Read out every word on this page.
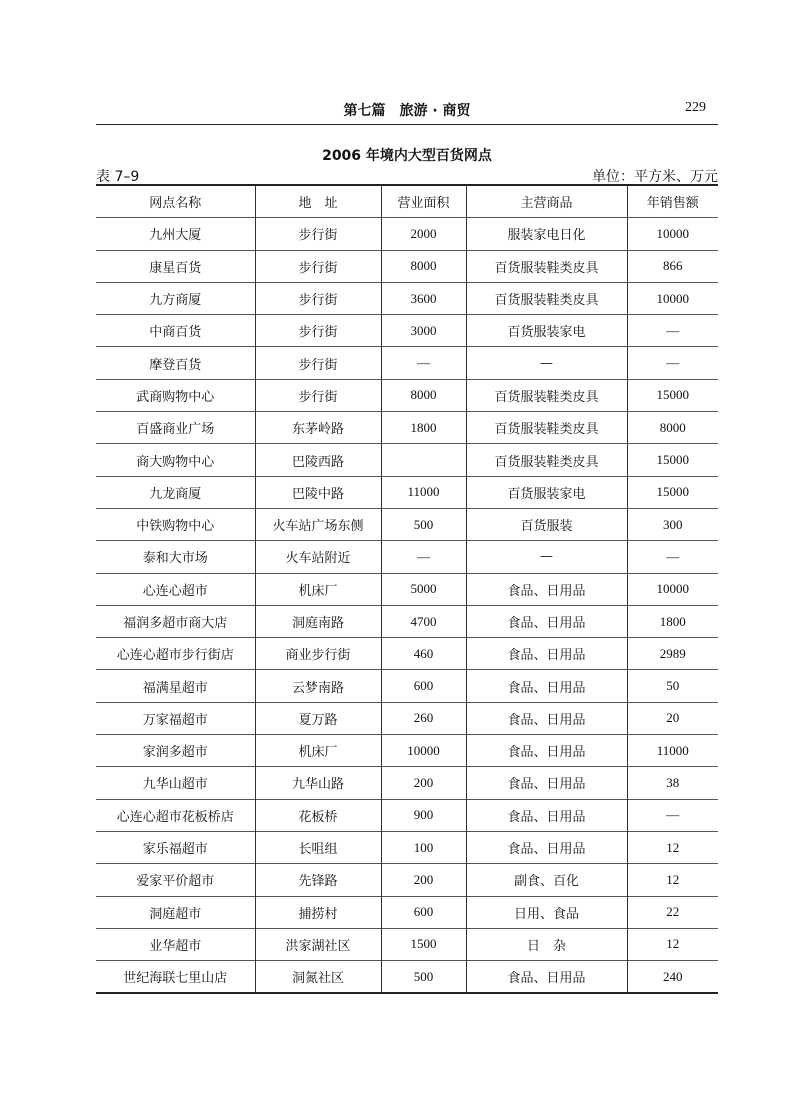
第七篇　旅游 · 商贸	229
2006 年境内大型百货网点
表 7–9	单位：平方米、万元
网点名称	地　址	营业面积	主营商品	年销售额
九州大厦	步行街	2000	服装家电日化	10000
康星百货	步行街	8000	百货服装鞋类皮具	866
九方商厦	步行街	3600	百货服装鞋类皮具	10000
中商百货	步行街	3000	百货服装家电	—
摩登百货	步行街	—	—	—
武商购物中心	步行街	8000	百货服装鞋类皮具	15000
百盛商业广场	东茅岭路	1800	百货服装鞋类皮具	8000
商大购物中心	巴陵西路		百货服装鞋类皮具	15000
九龙商厦	巴陵中路	11000	百货服装家电	15000
中铁购物中心	火车站广场东侧	500	百货服装	300
泰和大市场	火车站附近	—	—	—
心连心超市	机床厂	5000	食品、日用品	10000
福润多超市商大店	洞庭南路	4700	食品、日用品	1800
心连心超市步行街店	商业步行街	460	食品、日用品	2989
福满星超市	云梦南路	600	食品、日用品	50
万家福超市	夏万路	260	食品、日用品	20
家润多超市	机床厂	10000	食品、日用品	11000
九华山超市	九华山路	200	食品、日用品	38
心连心超市花板桥店	花板桥	900	食品、日用品	—
家乐福超市	长咀组	100	食品、日用品	12
爱家平价超市	先锋路	200	副食、百化	12
洞庭超市	捕捞村	600	日用、食品	22
业华超市	洪家湖社区	1500	日　杂	12
世纪海联七里山店	洞氮社区	500	食品、日用品	240
